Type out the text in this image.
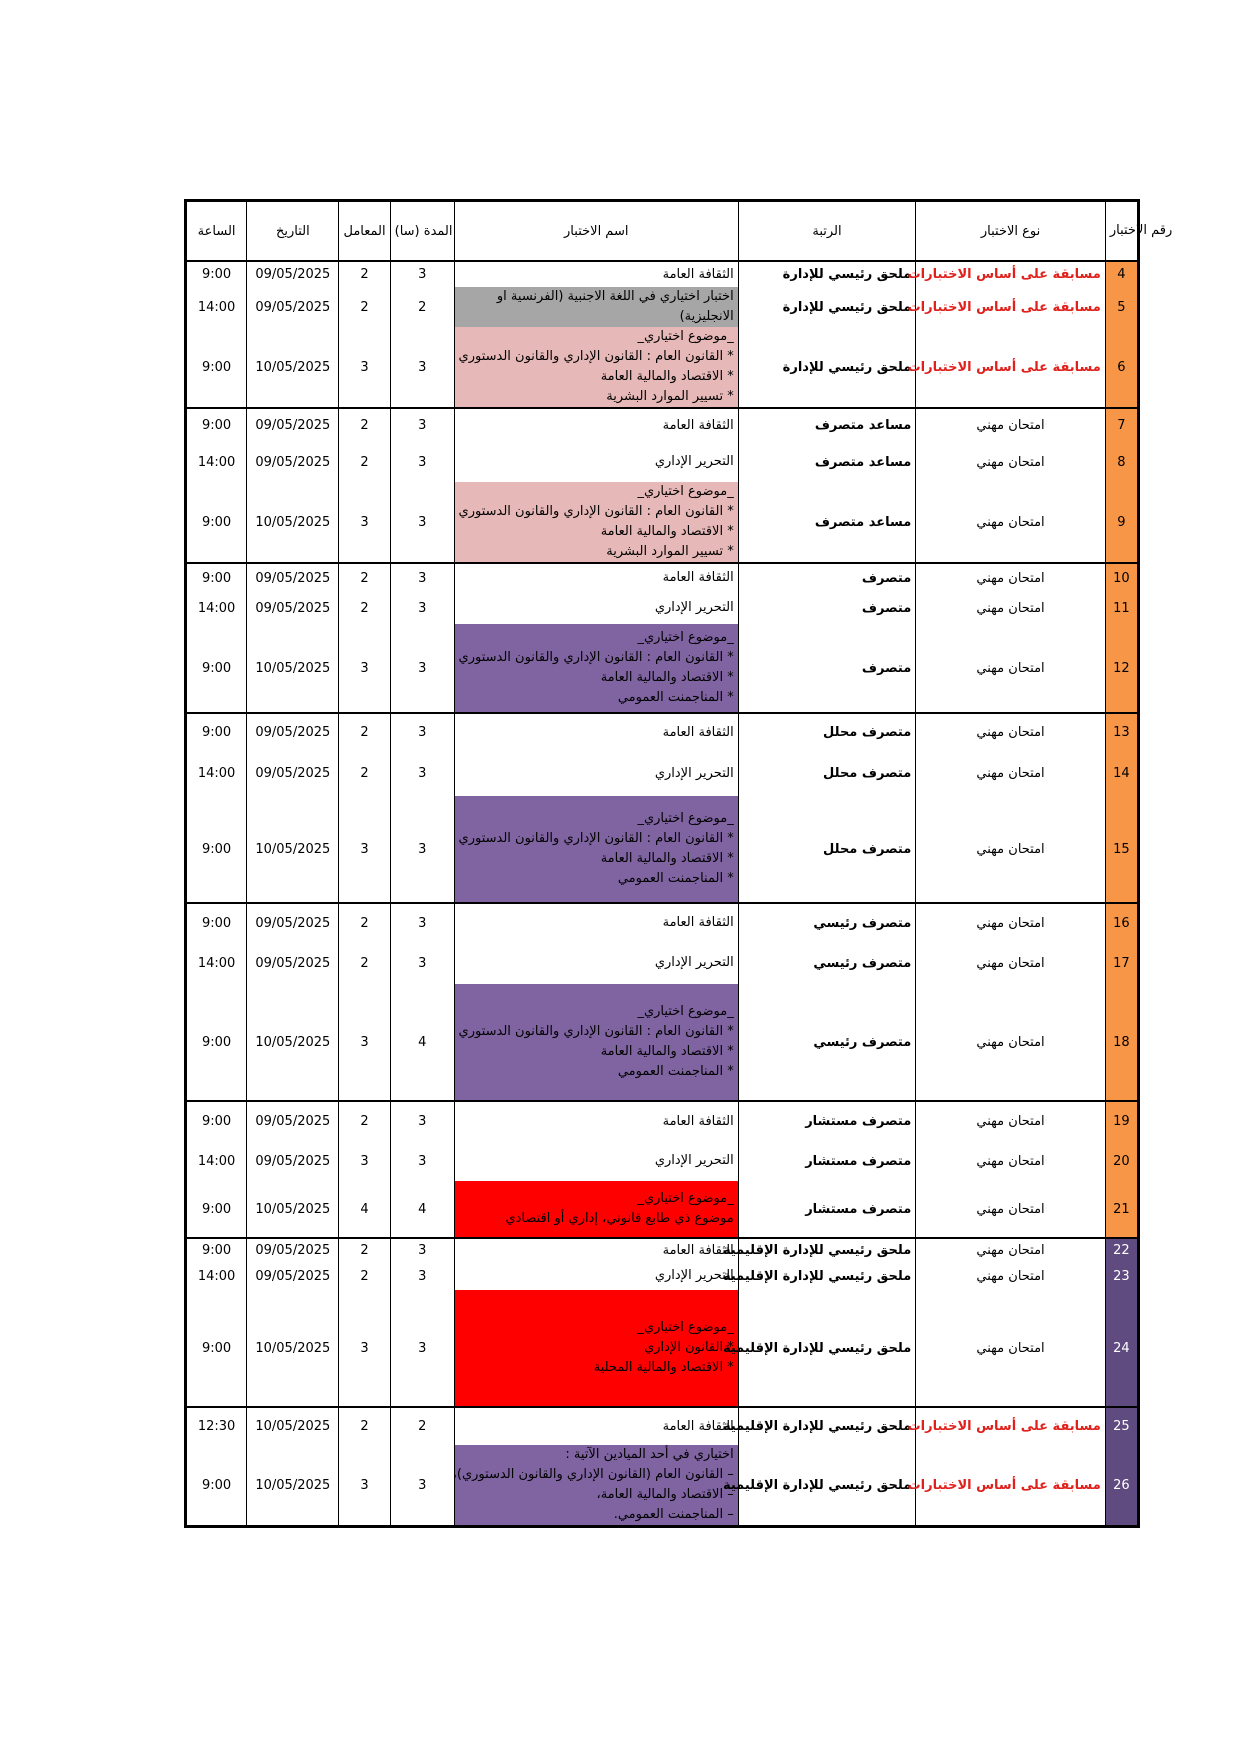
الساعة	التاريخ	المعامل	المدة (سا)	اسم الاختبار	الرتبة	نوع الاختبار	رقم الاختبار
9:00	09/05/2025	2	3	الثقافة العامة	ملحق رئيسي للإدارة	مسابقة على أساس الاختبارات	4
14:00	09/05/2025	2	2	اختبار اختياري في اللغة الاجنبية (الفرنسية او
الانجليزية)	ملحق رئيسي للإدارة	مسابقة على أساس الاختبارات	5
9:00	10/05/2025	3	3	_موضوع اختياري_
* القانون العام : القانون الإداري والقانون الدستوري
* الاقتصاد والمالية العامة
* تسيير الموارد البشرية	ملحق رئيسي للإدارة	مسابقة على أساس الاختبارات	6
9:00	09/05/2025	2	3	الثقافة العامة	مساعد متصرف	امتحان مهني	7
14:00	09/05/2025	2	3	التحرير الإداري	مساعد متصرف	امتحان مهني	8
9:00	10/05/2025	3	3	_موضوع اختياري_
* القانون العام : القانون الإداري والقانون الدستوري
* الاقتصاد والمالية العامة
* تسيير الموارد البشرية	مساعد متصرف	امتحان مهني	9
9:00	09/05/2025	2	3	الثقافة العامة	متصرف	امتحان مهني	10
14:00	09/05/2025	2	3	التحرير الإداري	متصرف	امتحان مهني	11
9:00	10/05/2025	3	3	_موضوع اختياري_
* القانون العام : القانون الإداري والقانون الدستوري
* الاقتصاد والمالية العامة
* المناجمنت العمومي	متصرف	امتحان مهني	12
9:00	09/05/2025	2	3	الثقافة العامة	متصرف محلل	امتحان مهني	13
14:00	09/05/2025	2	3	التحرير الإداري	متصرف محلل	امتحان مهني	14
9:00	10/05/2025	3	3	_موضوع اختياري_
* القانون العام : القانون الإداري والقانون الدستوري
* الاقتصاد والمالية العامة
* المناجمنت العمومي	متصرف محلل	امتحان مهني	15
9:00	09/05/2025	2	3	الثقافة العامة	متصرف رئيسي	امتحان مهني	16
14:00	09/05/2025	2	3	التحرير الإداري	متصرف رئيسي	امتحان مهني	17
9:00	10/05/2025	3	4	_موضوع اختياري_
* القانون العام : القانون الإداري والقانون الدستوري
* الاقتصاد والمالية العامة
* المناجمنت العمومي	متصرف رئيسي	امتحان مهني	18
9:00	09/05/2025	2	3	الثقافة العامة	متصرف مستشار	امتحان مهني	19
14:00	09/05/2025	3	3	التحرير الإداري	متصرف مستشار	امتحان مهني	20
9:00	10/05/2025	4	4	_موضوع اختياري_
موضوع ذي طابع قانوني، إداري أو اقتصادي	متصرف مستشار	امتحان مهني	21
9:00	09/05/2025	2	3	الثقافة العامة	ملحق رئيسي للإدارة الإقليمية	امتحان مهني	22
14:00	09/05/2025	2	3	التحرير الإداري	ملحق رئيسي للإدارة الإقليمية	امتحان مهني	23
9:00	10/05/2025	3	3	_موضوع اختياري_
* القانون الإداري
* الاقتصاد والمالية المحلية	ملحق رئيسي للإدارة الإقليمية	امتحان مهني	24
12:30	10/05/2025	2	2	الثقافة العامة	ملحق رئيسي للإدارة الإقليمية	مسابقة على أساس الاختبارات	25
9:00	10/05/2025	3	3	اختياري في أحد الميادين الآتية :
– القانون العام (القانون الإداري والقانون الدستوري)،
– الاقتصاد والمالية العامة،
– المناجمنت العمومي.	ملحق رئيسي للإدارة الإقليمية	مسابقة على أساس الاختبارات	26
